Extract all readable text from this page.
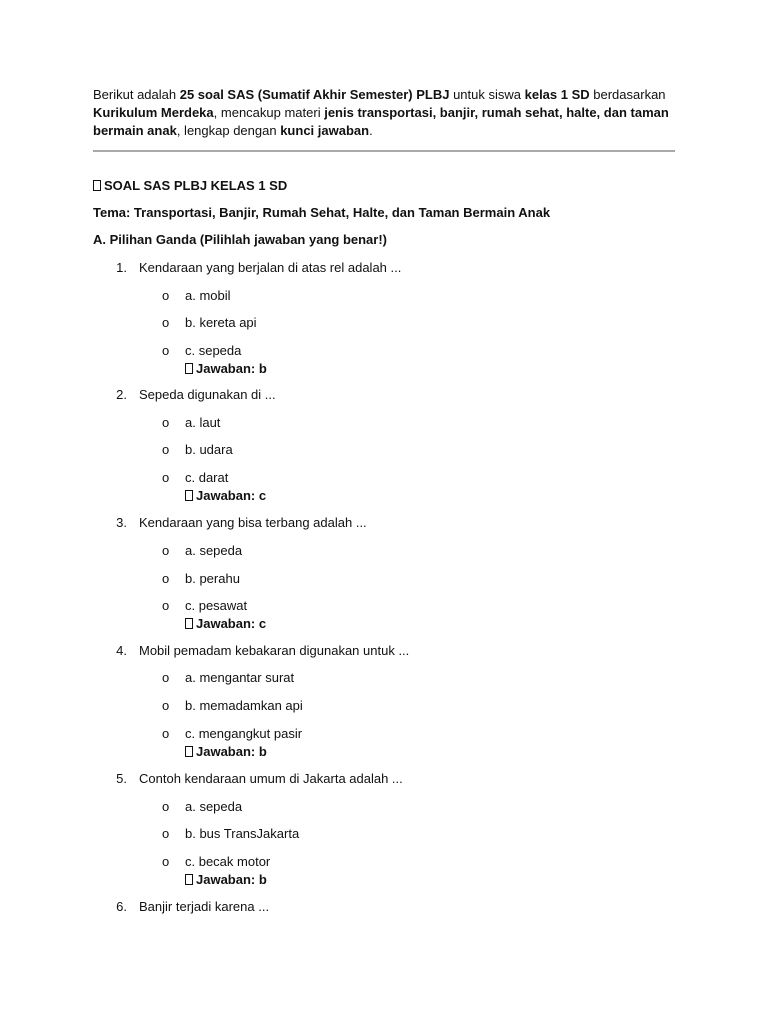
Berikut adalah 25 soal SAS (Sumatif Akhir Semester) PLBJ untuk siswa kelas 1 SD berdasarkan Kurikulum Merdeka, mencakup materi jenis transportasi, banjir, rumah sehat, halte, dan taman bermain anak, lengkap dengan kunci jawaban.
SOAL SAS PLBJ KELAS 1 SD
Tema: Transportasi, Banjir, Rumah Sehat, Halte, dan Taman Bermain Anak
A. Pilihan Ganda (Pilihlah jawaban yang benar!)
1. Kendaraan yang berjalan di atas rel adalah ...
o a. mobil
o b. kereta api
o c. sepeda
Jawaban: b
2. Sepeda digunakan di ...
o a. laut
o b. udara
o c. darat
Jawaban: c
3. Kendaraan yang bisa terbang adalah ...
o a. sepeda
o b. perahu
o c. pesawat
Jawaban: c
4. Mobil pemadam kebakaran digunakan untuk ...
o a. mengantar surat
o b. memadamkan api
o c. mengangkut pasir
Jawaban: b
5. Contoh kendaraan umum di Jakarta adalah ...
o a. sepeda
o b. bus TransJakarta
o c. becak motor
Jawaban: b
6. Banjir terjadi karena ...
